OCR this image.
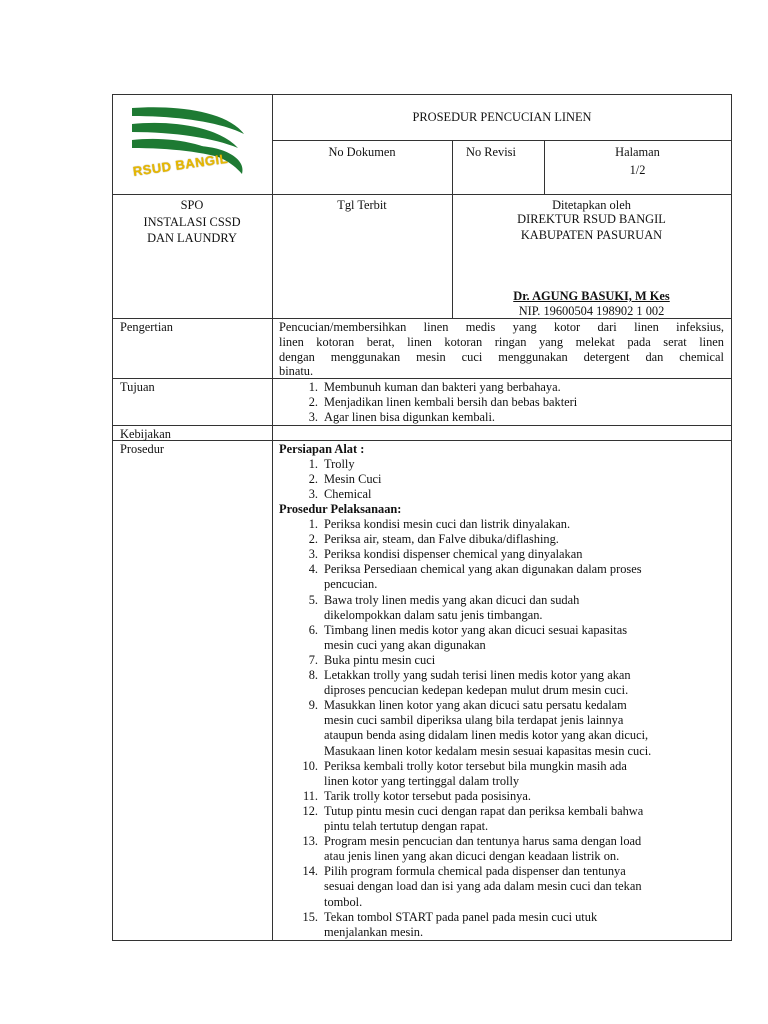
RSUD BANGIL
PROSEDUR PENCUCIAN LINEN
No Dokumen	No Revisi	Halaman
1/2
SPO
INSTALASI CSSD
DAN LAUNDRY
Tgl Terbit	Ditetapkan oleh
DIREKTUR RSUD BANGIL
KABUPATEN PASURUAN
Dr. AGUNG BASUKI, M Kes
NIP. 19600504 198902 1 002
Pengertian	Pencucian/membersihkan linen medis yang kotor dari linen infeksius,
linen kotoran berat, linen kotoran ringan yang melekat pada serat linen
dengan menggunakan mesin cuci menggunakan detergent dan chemical
binatu.
Tujuan	1. Membunuh kuman dan bakteri yang berbahaya.
2. Menjadikan linen kembali bersih dan bebas bakteri
3. Agar linen bisa digunkan kembali.
Kebijakan
Prosedur	Persiapan Alat :
1. Trolly
2. Mesin Cuci
3. Chemical
Prosedur Pelaksanaan:
1. Periksa kondisi mesin cuci dan listrik dinyalakan.
2. Periksa air, steam, dan Falve dibuka/diflashing.
3. Periksa kondisi dispenser chemical yang dinyalakan
4. Periksa Persediaan chemical yang akan digunakan dalam proses
pencucian.
5. Bawa troly linen medis yang akan dicuci dan sudah
dikelompokkan dalam satu jenis timbangan.
6. Timbang linen medis kotor yang akan dicuci sesuai kapasitas
mesin cuci yang akan digunakan
7. Buka pintu mesin cuci
8. Letakkan trolly yang sudah terisi linen medis kotor yang akan
diproses pencucian kedepan kedepan mulut drum mesin cuci.
9. Masukkan linen kotor yang akan dicuci satu persatu kedalam
mesin cuci sambil diperiksa ulang bila terdapat jenis lainnya
ataupun benda asing didalam linen medis kotor yang akan dicuci,
Masukaan linen kotor kedalam mesin sesuai kapasitas mesin cuci.
10. Periksa kembali trolly kotor tersebut bila mungkin masih ada
linen kotor yang tertinggal dalam trolly
11. Tarik trolly kotor tersebut pada posisinya.
12. Tutup pintu mesin cuci dengan rapat dan periksa kembali bahwa
pintu telah tertutup dengan rapat.
13. Program mesin pencucian dan tentunya harus sama dengan load
atau jenis linen yang akan dicuci dengan keadaan listrik on.
14. Pilih program formula chemical pada dispenser dan tentunya
sesuai dengan load dan isi yang ada dalam mesin cuci dan tekan
tombol.
15. Tekan tombol START pada panel pada mesin cuci utuk
menjalankan mesin.
